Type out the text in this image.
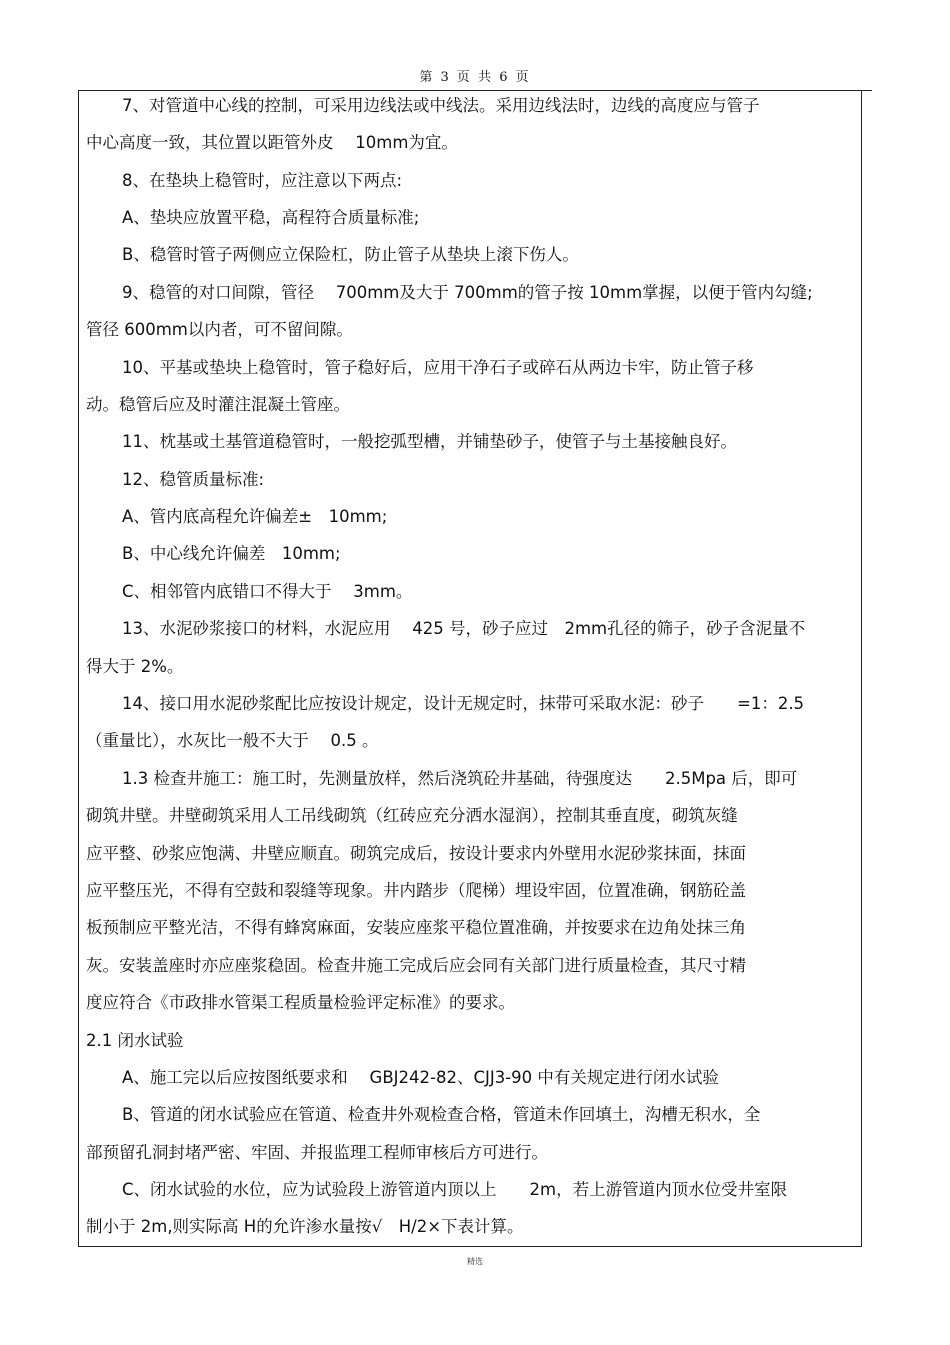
第 3 页 共 6 页
7、对管道中心线的控制，可采用边线法或中线法。采用边线法时，边线的高度应与管子
中心高度一致，其位置以距管外皮　 10mm为宜。
8、在垫块上稳管时，应注意以下两点:
A、垫块应放置平稳，高程符合质量标准;
B、稳管时管子两侧应立保险杠，防止管子从垫块上滚下伤人。
9、稳管的对口间隙，管径　 700mm及大于 700mm的管子按 10mm掌握，以便于管内勾缝;
管径 600mm以内者，可不留间隙。
10、平基或垫块上稳管时，管子稳好后，应用干净石子或碎石从两边卡牢，防止管子移
动。稳管后应及时灌注混凝土管座。
11、枕基或土基管道稳管时，一般挖弧型槽，并铺垫砂子，使管子与土基接触良好。
12、稳管质量标准:
A、管内底高程允许偏差±　10mm;
B、中心线允许偏差　10mm;
C、相邻管内底错口不得大于　 3mm。
13、水泥砂浆接口的材料，水泥应用　 425 号，砂子应过　2mm孔径的筛子，砂子含泥量不
得大于 2%。
14、接口用水泥砂浆配比应按设计规定，设计无规定时，抹带可采取水泥：砂子　　=1：2.5
（重量比），水灰比一般不大于　 0.5 。
1.3 检查井施工：施工时，先测量放样，然后浇筑砼井基础，待强度达　　2.5Mpa 后，即可
砌筑井壁。井壁砌筑采用人工吊线砌筑（红砖应充分洒水湿润），控制其垂直度，砌筑灰缝
应平整、砂浆应饱满、井壁应顺直。砌筑完成后，按设计要求内外壁用水泥砂浆抹面，抹面
应平整压光，不得有空鼓和裂缝等现象。井内踏步（爬梯）埋设牢固，位置准确，钢筋砼盖
板预制应平整光洁，不得有蜂窝麻面，安装应座浆平稳位置准确，并按要求在边角处抹三角
灰。安装盖座时亦应座浆稳固。检查井施工完成后应会同有关部门进行质量检查，其尺寸精
度应符合《市政排水管渠工程质量检验评定标准》的要求。
2.1 闭水试验
A、施工完以后应按图纸要求和　 GBJ242-82、CJJ3-90 中有关规定进行闭水试验
B、管道的闭水试验应在管道、检查井外观检查合格，管道未作回填土，沟槽无积水，全
部预留孔洞封堵严密、牢固、并报监理工程师审核后方可进行。
C、闭水试验的水位，应为试验段上游管道内顶以上　　2m，若上游管道内顶水位受井室限
制小于 2m,则实际高 H的允许渗水量按√　H/2×下表计算。
精选
